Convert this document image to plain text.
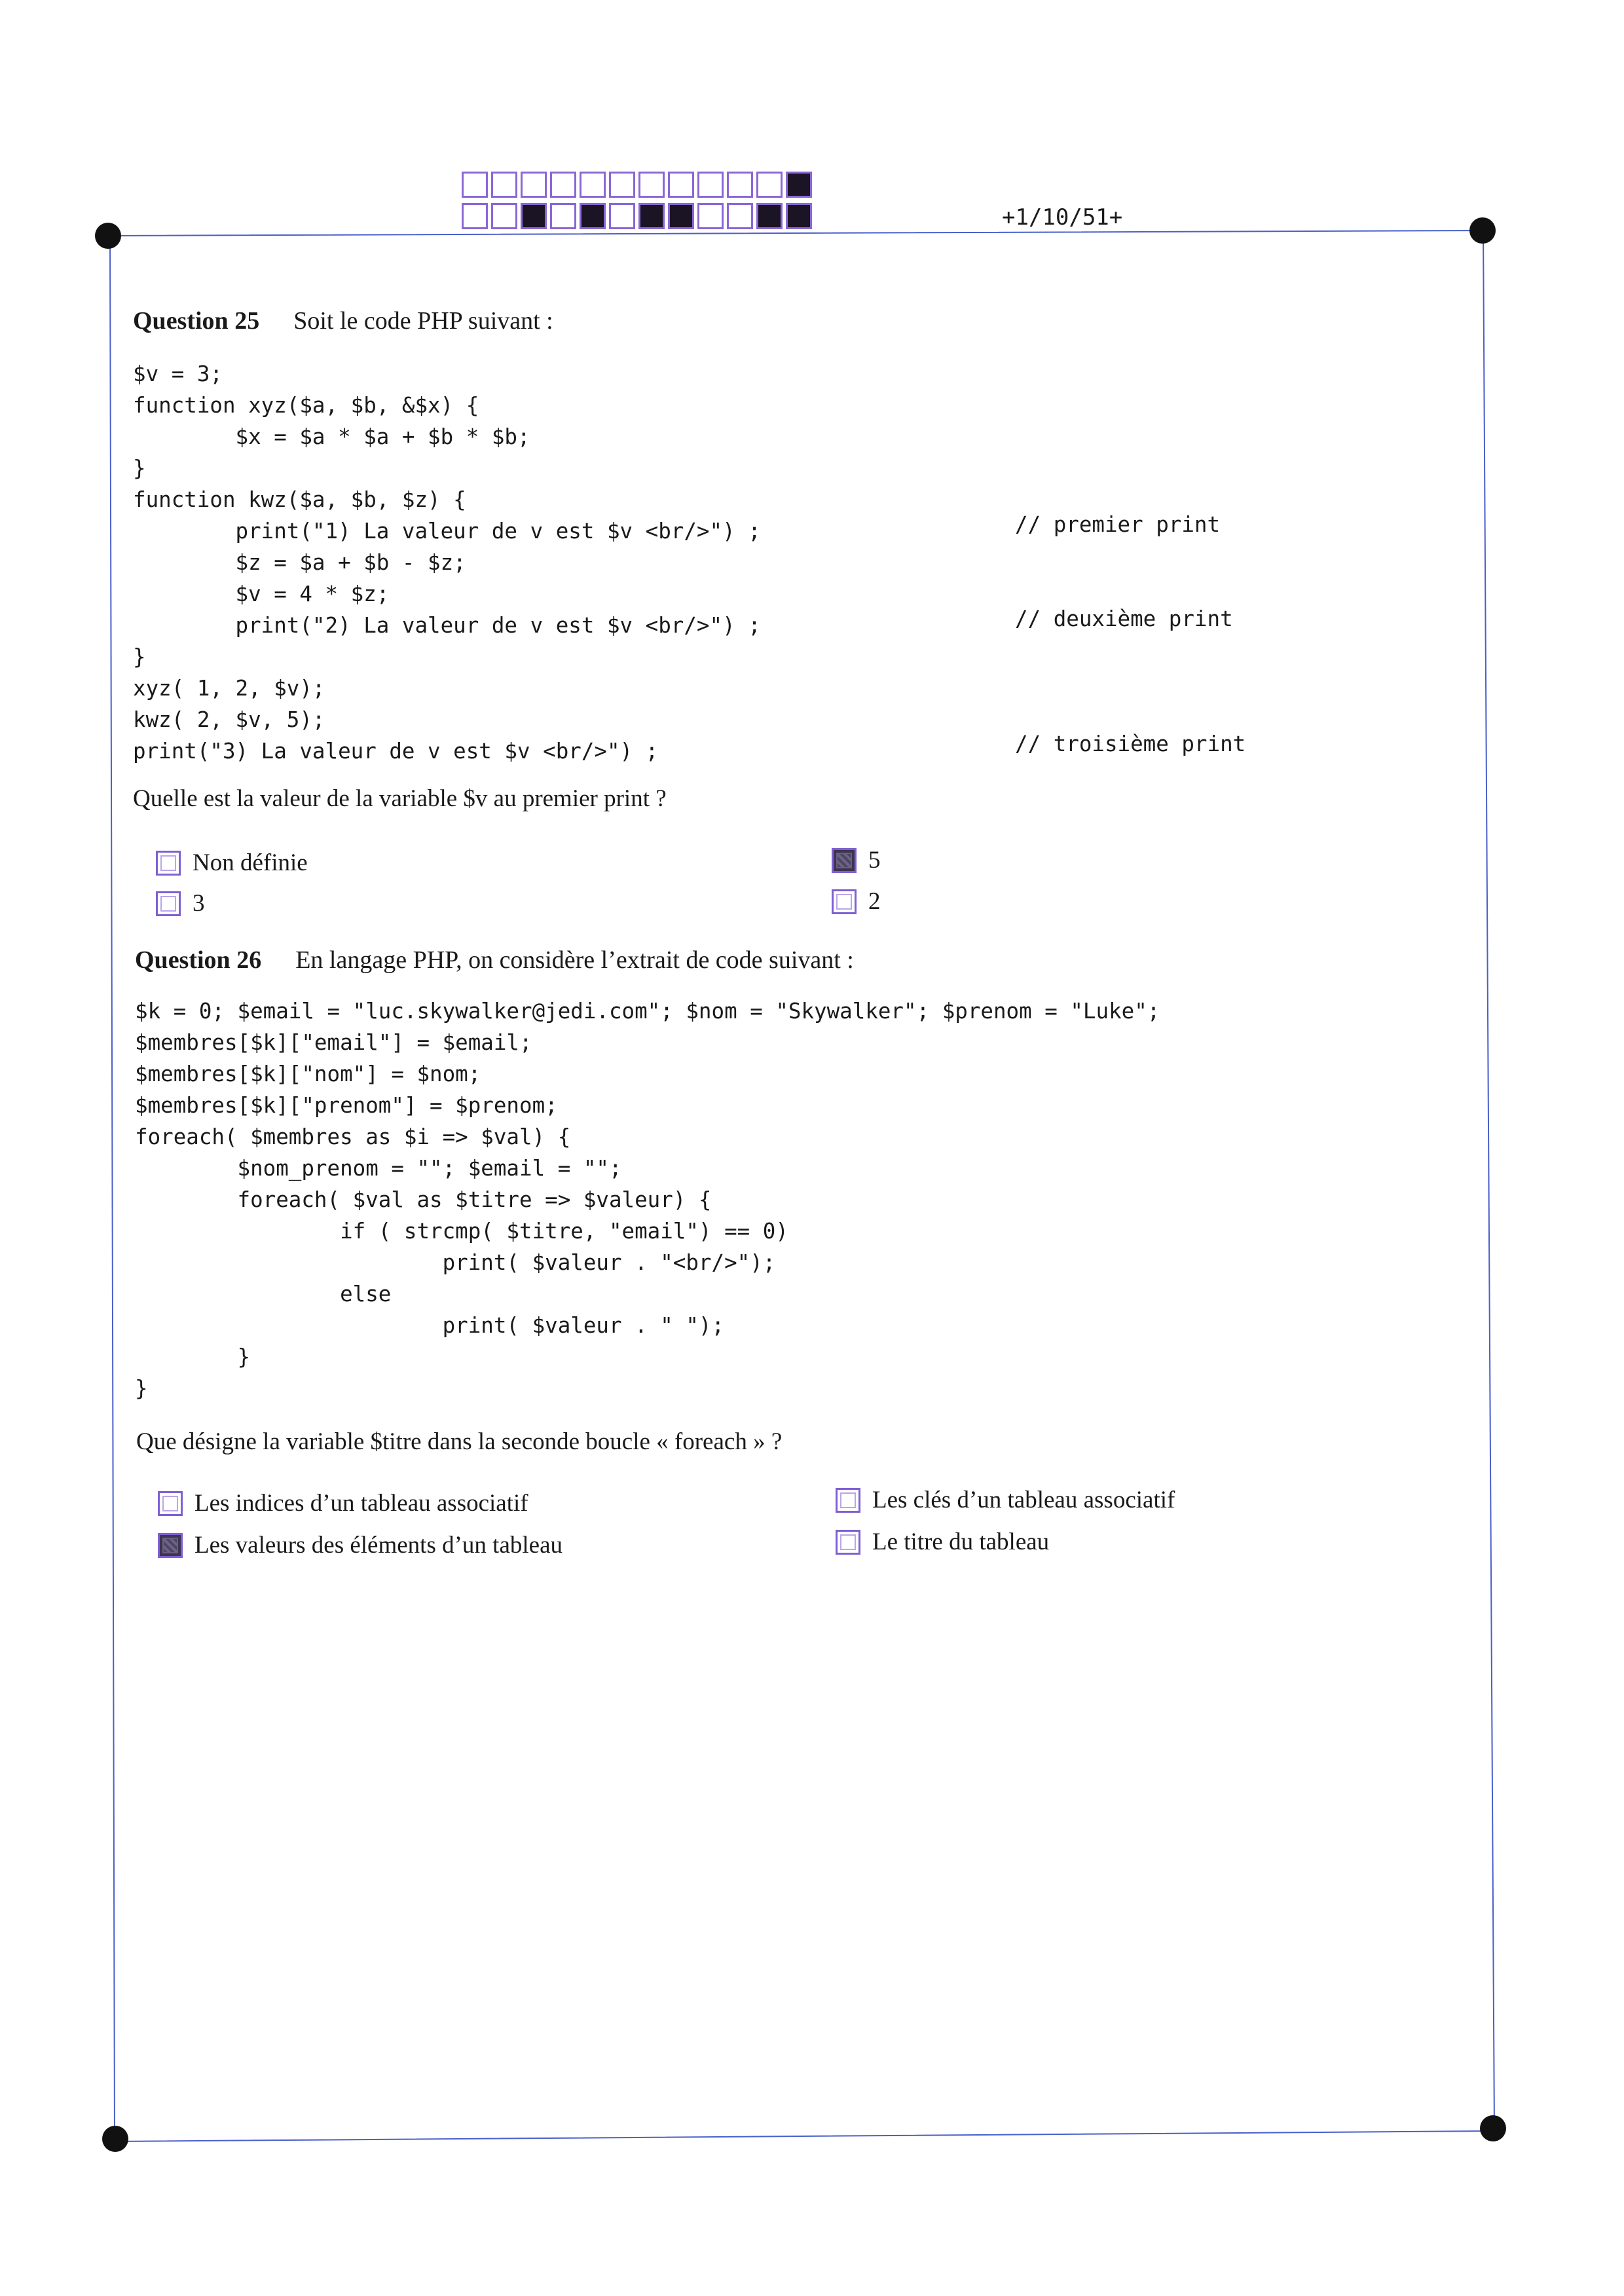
+1/10/51+
Question 25 Soit le code PHP suivant :
$v = 3;
function xyz($a, $b, &$x) {
$x = $a * $a + $b * $b;
}
function kwz($a, $b, $z) {
print("1) La valeur de v est $v <br/>") ;
$z = $a + $b - $z;
$v = 4 * $z;
print("2) La valeur de v est $v <br/>") ;
}
xyz( 1, 2, $v);
kwz( 2, $v, 5);
print("3) La valeur de v est $v <br/>") ;
// premier print
// deuxième print
// troisième print
Quelle est la valeur de la variable $v au premier print ?
Non définie
3
5
2
Question 26 En langage PHP, on considère l’extrait de code suivant :
$k = 0; $email = "luc.skywalker@jedi.com"; $nom = "Skywalker"; $prenom = "Luke";
$membres[$k]["email"] = $email;
$membres[$k]["nom"] = $nom;
$membres[$k]["prenom"] = $prenom;
foreach( $membres as $i => $val) {
$nom_prenom = ""; $email = "";
foreach( $val as $titre => $valeur) {
if ( strcmp( $titre, "email") == 0)
print( $valeur . "<br/>");
else
print( $valeur . " ");
}
}
Que désigne la variable $titre dans la seconde boucle « foreach » ?
Les indices d’un tableau associatif
Les valeurs des éléments d’un tableau
Les clés d’un tableau associatif
Le titre du tableau
